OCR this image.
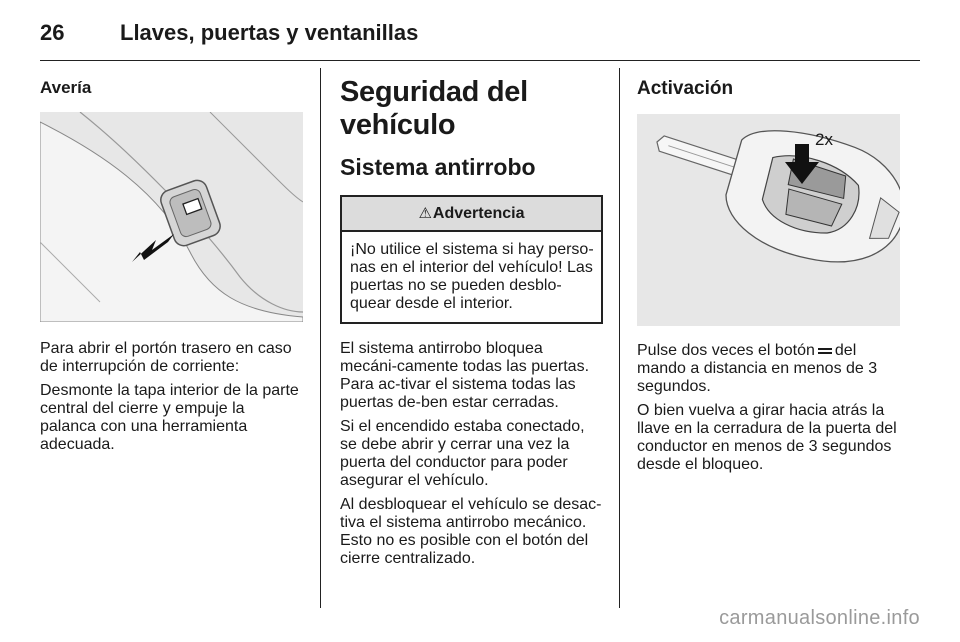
26	Llaves, puertas y ventanillas
Avería

Para abrir el portón trasero en caso de interrupción de corriente:

Desmonte la tapa interior de la parte central del cierre y empuje la palanca con una herramienta adecuada.

Seguridad del vehículo
Sistema antirrobo
⚠Advertencia
¡No utilice el sistema si hay perso-nas en el interior del vehículo! Las puertas no se pueden desblo-quear desde el interior.

El sistema antirrobo bloquea mecáni-camente todas las puertas. Para ac-tivar el sistema todas las puertas de-ben estar cerradas.

Si el encendido estaba conectado, se debe abrir y cerrar una vez la puerta del conductor para poder asegurar el vehículo.

Al desbloquear el vehículo se desac-tiva el sistema antirrobo mecánico. Esto no es posible con el botón del cierre centralizado.

Activación
2x

Pulse dos veces el botón del mando a distancia en menos de 3 segundos.

O bien vuelva a girar hacia atrás la llave en la cerradura de la puerta del conductor en menos de 3 segundos desde el bloqueo.

carmanualsonline.info
